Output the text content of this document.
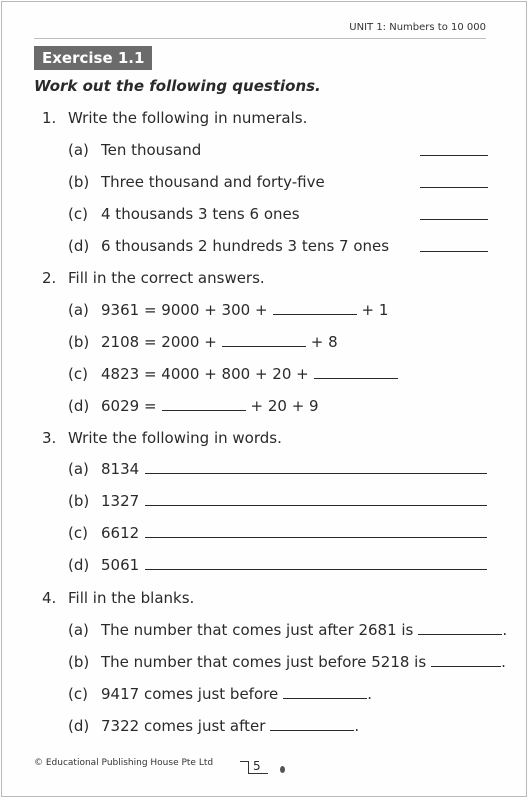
UNIT 1: Numbers to 10 000
Exercise 1.1
Work out the following questions.
1. Write the following in numerals.
(a) Ten thousand
(b) Three thousand and forty-five
(c) 4 thousands 3 tens 6 ones
(d) 6 thousands 2 hundreds 3 tens 7 ones
2. Fill in the correct answers.
(a) 9361 = 9000 + 300 +	+ 1
(b) 2108 = 2000 +	+ 8
(c) 4823 = 4000 + 800 + 20 +
(d) 6029 =	+ 20 + 9
3. Write the following in words.
(a) 8134
(b) 1327
(c) 6612
(d) 5061
4. Fill in the blanks.
(a) The number that comes just after 2681 is	.
(b) The number that comes just before 5218 is	.
(c) 9417 comes just before	.
(d) 7322 comes just after	.
© Educational Publishing House Pte Ltd	5
